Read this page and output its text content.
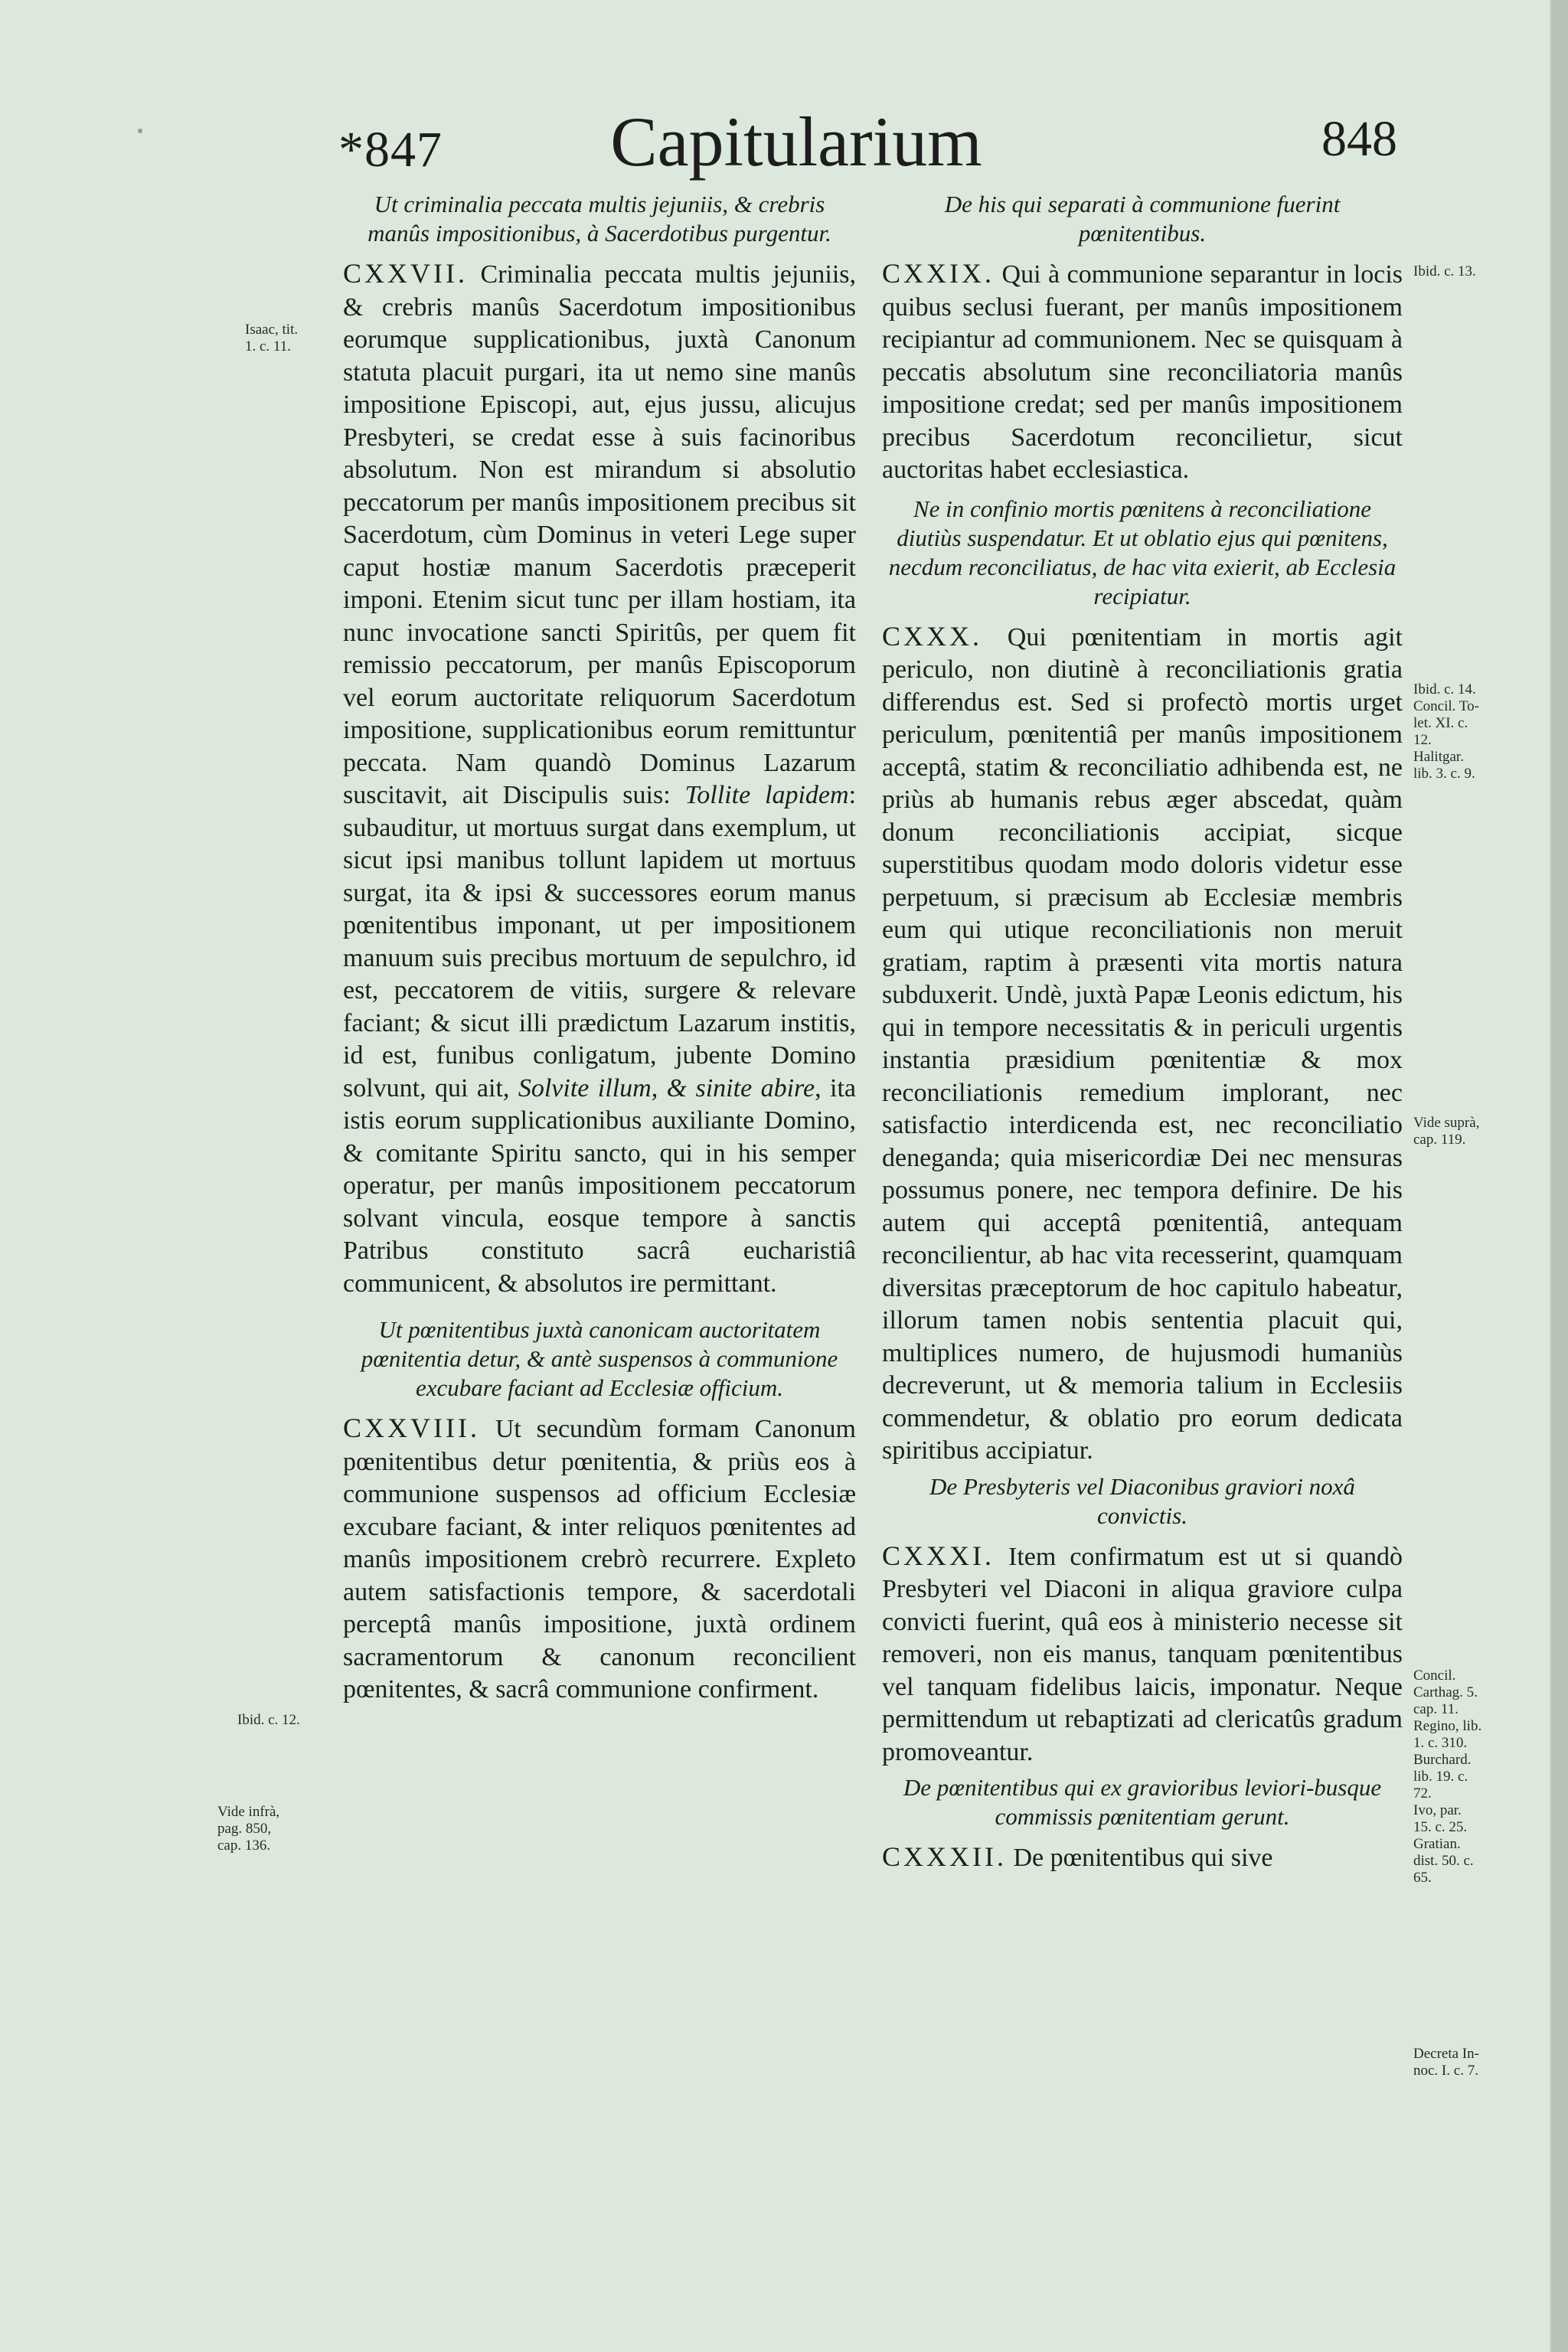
*847	Capitularium	848
Ut criminalia peccata multis jejuniis, & crebris manûs impositionibus, à Sacerdotibus purgentur.

CXXVII. Criminalia peccata multis jejuniis, & crebris manûs Sacerdotum impositionibus eorumque supplicationibus, juxtà Canonum statuta placuit purgari, ita ut nemo sine manûs impositione Episcopi, aut, ejus jussu, alicujus Presbyteri, se credat esse à suis facinoribus absolutum. Non est mirandum si absolutio peccatorum per manûs impositionem precibus sit Sacerdotum, cùm Dominus in veteri Lege super caput hostiæ manum Sacerdotis præceperit imponi. Etenim sicut tunc per illam hostiam, ita nunc invocatione sancti Spiritûs, per quem fit remissio peccatorum, per manûs Episcoporum vel eorum auctoritate reliquorum Sacerdotum impositione, supplicationibus eorum remittuntur peccata. Nam quandò Dominus Lazarum suscitavit, ait Discipulis suis: Tollite lapidem: subauditur, ut mortuus surgat dans exemplum, ut sicut ipsi manibus tollunt lapidem ut mortuus surgat, ita & ipsi & successores eorum manus pœnitentibus imponant, ut per impositionem manuum suis precibus mortuum de sepulchro, id est, peccatorem de vitiis, surgere & relevare faciant; & sicut illi prædictum Lazarum institis, id est, funibus conligatum, jubente Domino solvunt, qui ait, Solvite illum, & sinite abire, ita istis eorum supplicationibus auxiliante Domino, & comitante Spiritu sancto, qui in his semper operatur, per manûs impositionem peccatorum solvant vincula, eosque tempore à sanctis Patribus constituto sacrâ eucharistiâ communicent, & absolutos ire permittant.

Ut pœnitentibus juxtà canonicam auctoritatem pœnitentia detur, & antè suspensos à communione excubare faciant ad Ecclesiæ officium.

CXXVIII. Ut secundùm formam Canonum pœnitentibus detur pœnitentia, & priùs eos à communione suspensos ad officium Ecclesiæ excubare faciant, & inter reliquos pœnitentes ad manûs impositionem crebrò recurrere. Expleto autem satisfactionis tempore, & sacerdotali perceptâ manûs impositione, juxtà ordinem sacramentorum & canonum reconcilient pœnitentes, & sacrâ communione confirment.

De his qui separati à communione fuerint pœnitentibus.

CXXIX. Qui à communione separantur in locis quibus seclusi fuerant, per manûs impositionem recipiantur ad communionem. Nec se quisquam à peccatis absolutum sine reconciliatoria manûs impositione credat; sed per manûs impositionem precibus Sacerdotum reconcilietur, sicut auctoritas habet ecclesiastica.

Ne in confinio mortis pœnitens à reconciliatione diutiùs suspendatur. Et ut oblatio ejus qui pœnitens, necdum reconciliatus, de hac vita exierit, ab Ecclesia recipiatur.

CXXX. Qui pœnitentiam in mortis agit periculo, non diutinè à reconciliationis gratia differendus est. Sed si profectò mortis urget periculum, pœnitentiâ per manûs impositionem acceptâ, statim & reconciliatio adhibenda est, ne priùs ab humanis rebus æger abscedat, quàm donum reconciliationis accipiat, sicque superstitibus quodam modo doloris videtur esse perpetuum, si præcisum ab Ecclesiæ membris eum qui utique reconciliationis non meruit gratiam, raptim à præsenti vita mortis natura subduxerit. Undè, juxtà Papæ Leonis edictum, his qui in tempore necessitatis & in periculi urgentis instantia præsidium pœnitentiæ & mox reconciliationis remedium implorant, nec satisfactio interdicenda est, nec reconciliatio deneganda; quia misericordiæ Dei nec mensuras possumus ponere, nec tempora definire. De his autem qui acceptâ pœnitentiâ, antequam reconcilientur, ab hac vita recesserint, quamquam diversitas præceptorum de hoc capitulo habeatur, illorum tamen nobis sententia placuit qui, multiplices numero, de hujusmodi humaniùs decreverunt, ut & memoria talium in Ecclesiis commendetur, & oblatio pro eorum dedicata spiritibus accipiatur.

De Presbyteris vel Diaconibus graviori noxâ convictis.

CXXXI. Item confirmatum est ut si quandò Presbyteri vel Diaconi in aliqua graviore culpa convicti fuerint, quâ eos à ministerio necesse sit removeri, non eis manus, tanquam pœnitentibus vel tanquam fidelibus laicis, imponatur. Neque permittendum ut rebaptizati ad clericatûs gradum promoveantur.

De pœnitentibus qui ex gravioribus leviori-busque commissis pœnitentiam gerunt.

CXXXII. De pœnitentibus qui sive

Isaac, tit.
1. c. 11.
Ibid. c. 12.
Vide infrà,
pag. 850,
cap. 136.
Ibid. c. 13.
Ibid. c. 14.
Concil. To-
let. XI. c.
12.
Halitgar.
lib. 3. c. 9.
Vide suprà,
cap. 119.
Concil.
Carthag. 5.
cap. 11.
Regino, lib.
1. c. 310.
Burchard.
lib. 19. c.
72.
Ivo, par.
15. c. 25.
Gratian.
dist. 50. c.
65.
Decreta In-
noc. I. c. 7.
